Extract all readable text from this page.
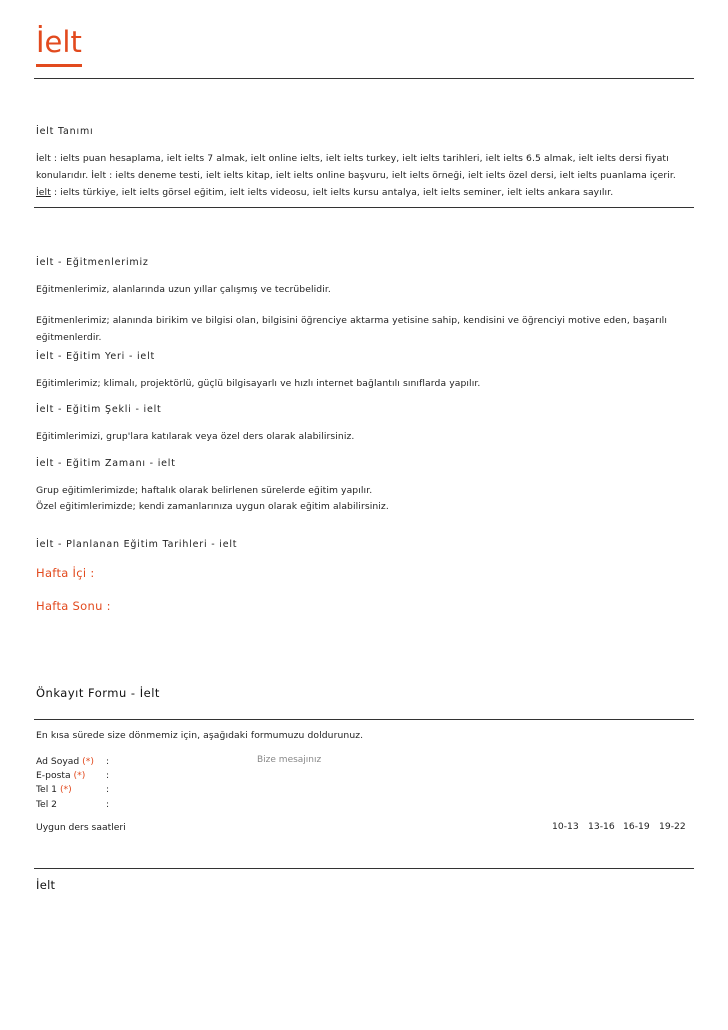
İelt
İelt Tanımı
İelt : ielts puan hesaplama, ielt ielts 7 almak, ielt online ielts, ielt ielts turkey, ielt ielts tarihleri, ielt ielts 6.5 almak, ielt ielts dersi fiyatı konularıdır. İelt : ielts deneme testi, ielt ielts kitap, ielt ielts online başvuru, ielt ielts örneği, ielt ielts özel dersi, ielt ielts puanlama içerir. İelt : ielts türkiye, ielt ielts görsel eğitim, ielt ielts videosu, ielt ielts kursu antalya, ielt ielts seminer, ielt ielts ankara sayılır.
İelt - Eğitmenlerimiz
Eğitmenlerimiz, alanlarında uzun yıllar çalışmış ve tecrübelidir.
Eğitmenlerimiz; alanında birikim ve bilgisi olan, bilgisini öğrenciye aktarma yetisine sahip, kendisini ve öğrenciyi motive eden, başarılı eğitmenlerdir.
İelt - Eğitim Yeri - ielt
Eğitimlerimiz; klimalı, projektörlü, güçlü bilgisayarlı ve hızlı internet bağlantılı sınıflarda yapılır.
İelt - Eğitim Şekli - ielt
Eğitimlerimizi, grup'lara katılarak veya özel ders olarak alabilirsiniz.
İelt - Eğitim Zamanı - ielt
Grup eğitimlerimizde; haftalık olarak belirlenen sürelerde eğitim yapılır.
Özel eğitimlerimizde; kendi zamanlarınıza uygun olarak eğitim alabilirsiniz.
İelt - Planlanan Eğitim Tarihleri - ielt
Hafta İçi :
Hafta Sonu :
Önkayıt Formu - İelt
En kısa sürede size dönmemiz için, aşağıdaki formumuzu doldurunuz.
Ad Soyad (*) :
E-posta (*) :
Tel 1 (*)	:
Tel 2	:
Bize mesajınız
Uygun ders saatleri	10-13 13-16 16-19 19-22
İelt
